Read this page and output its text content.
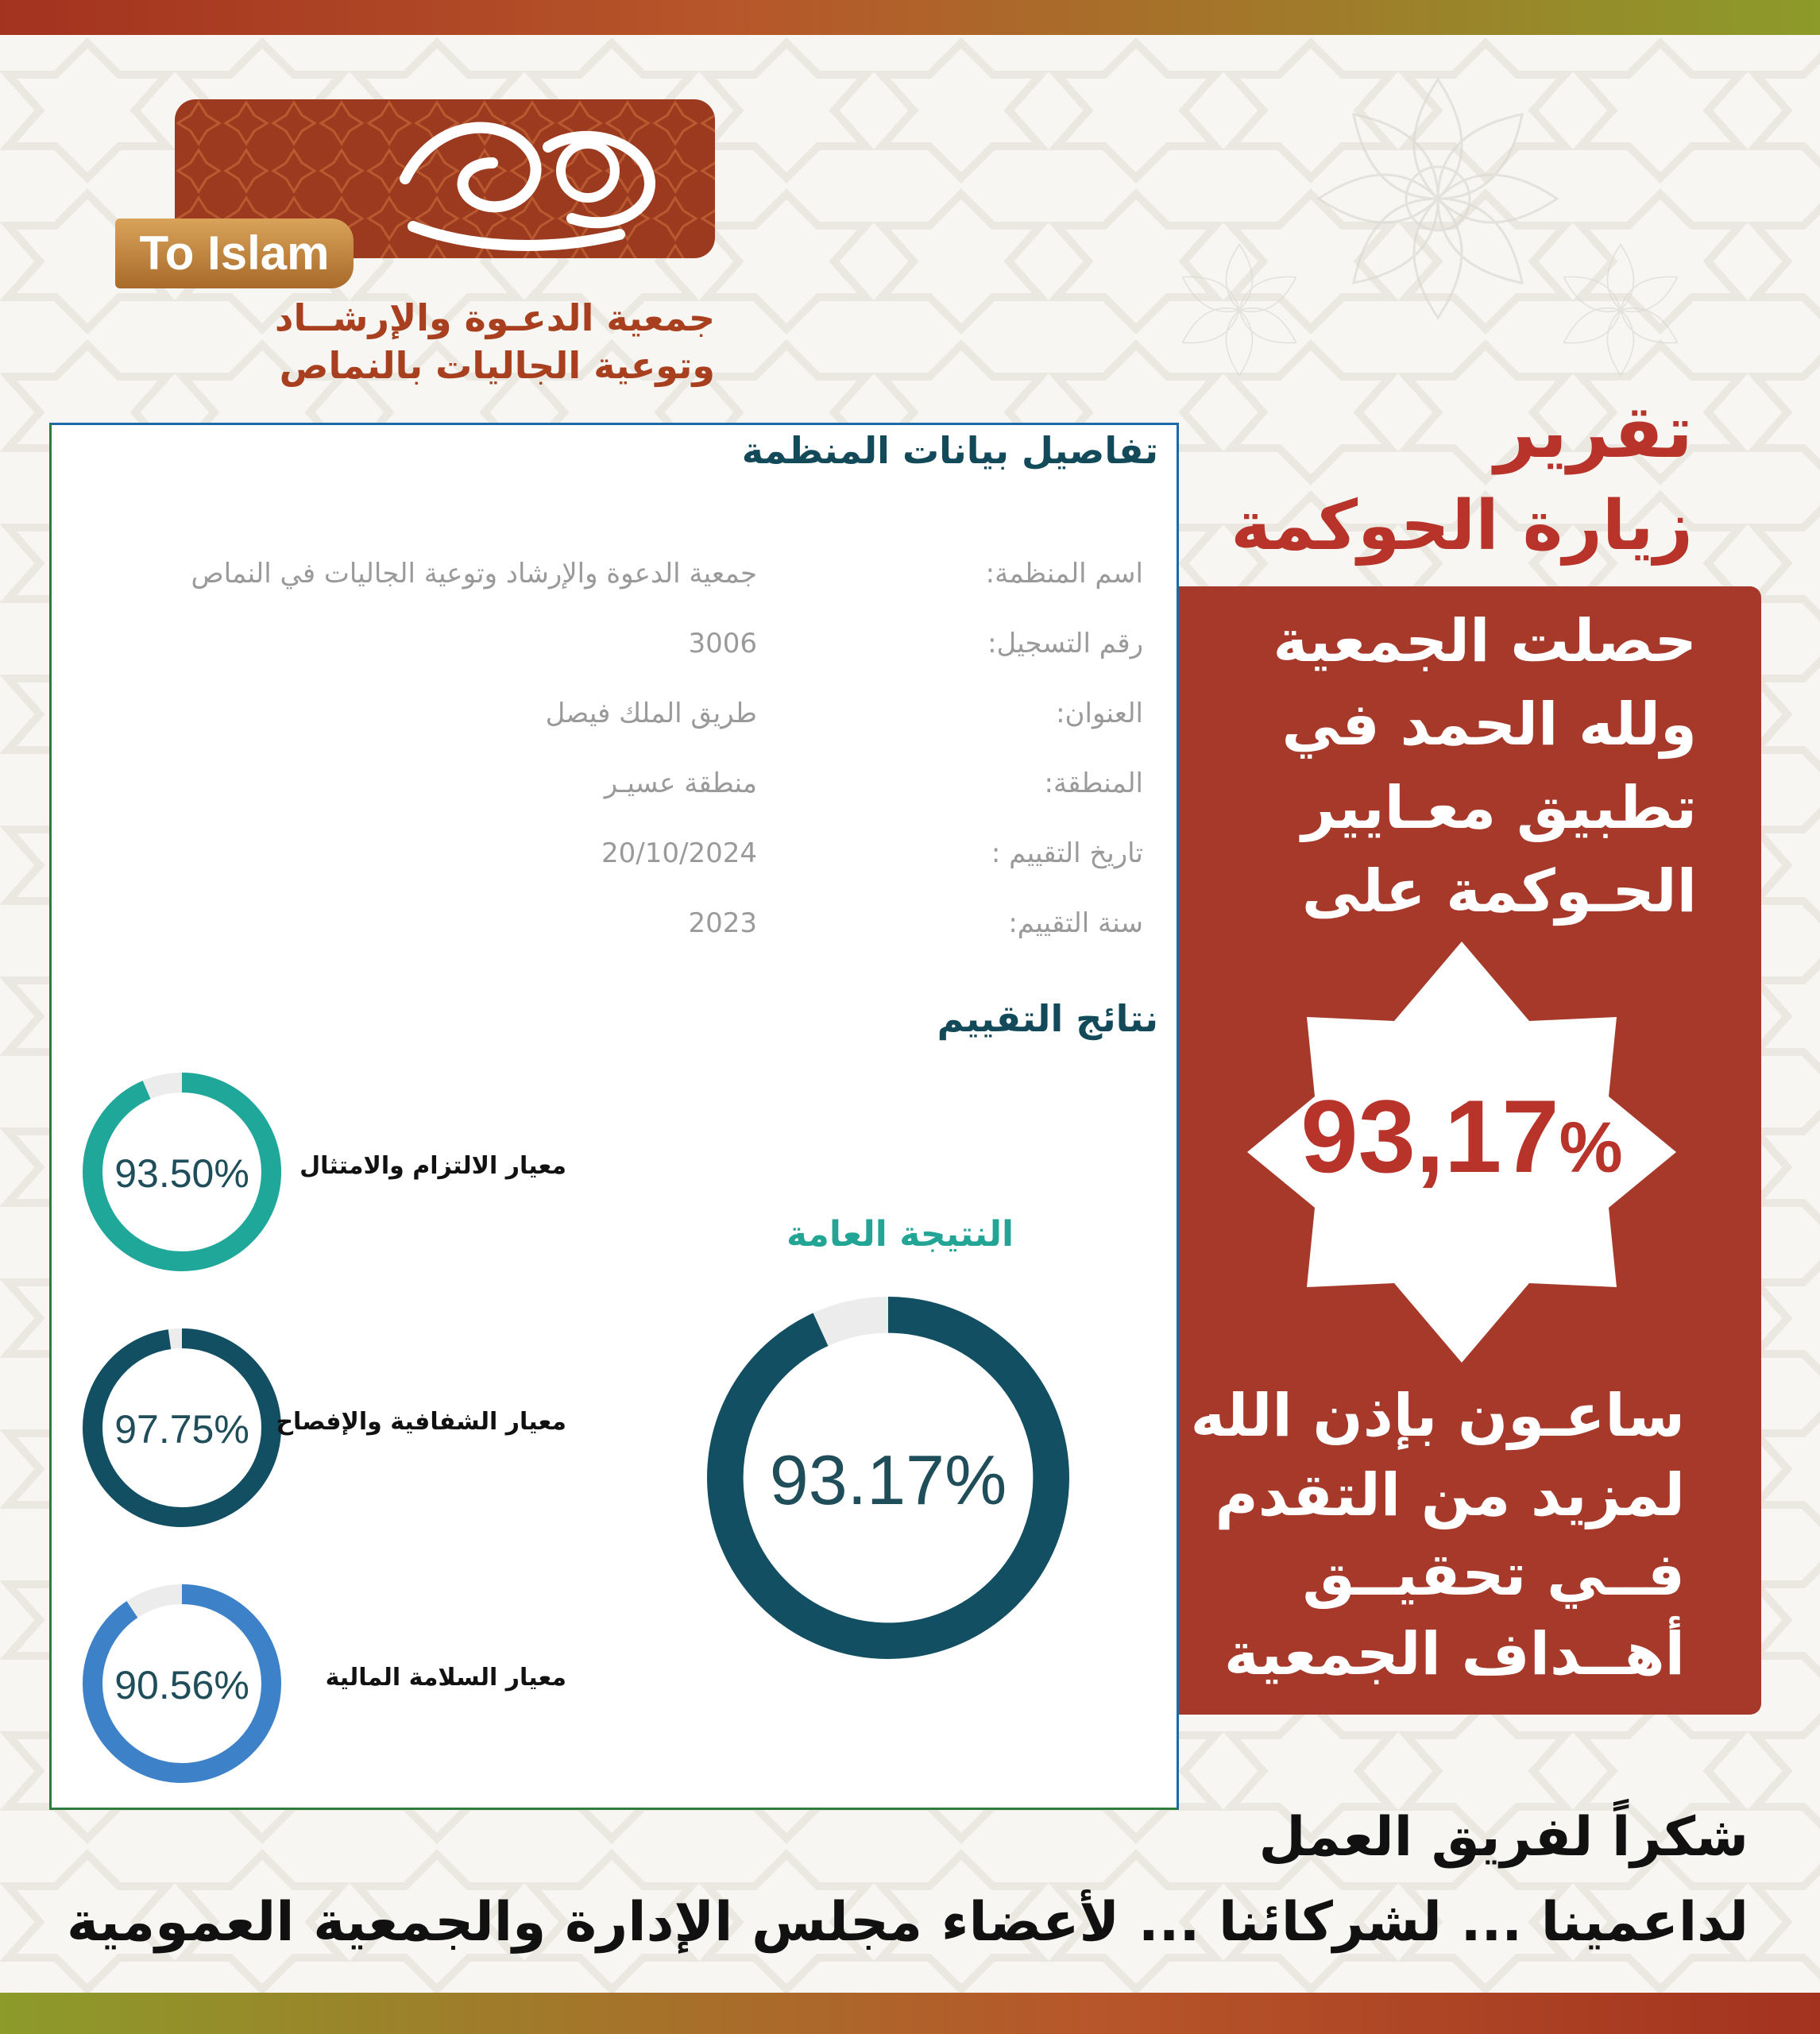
To Islam
جمعية الدعـوة والإرشــاد
وتوعية الجاليات بالنماص
تقرير
زيارة الحوكمة
حصلت الجمعية
ولله الحمد في
تطبيق معـايير
الحـوكمة على
93,17%
ساعـون بإذن الله
لمزيد من التقدم
فــي تحقيــق
أهــداف الجمعية
تفاصيل بيانات المنظمة
اسم المنظمة:
جمعية الدعوة والإرشاد وتوعية الجاليات في النماص
رقم التسجيل:
3006
العنوان:
طريق الملك فيصل
المنطقة:
منطقة عسيـر
تاريخ التقييم :
20/10/2024
سنة التقييم:
2023
نتائج التقييم
93.50%	معيار الالتزام والامتثال
97.75%	معيار الشفافية والإفصاح
90.56%	معيار السلامة المالية
النتيجة العامة
93.17%
شكراً لفريق العمل
لداعمينا ... لشركائنا ... لأعضاء مجلس الإدارة والجمعية العمومية
